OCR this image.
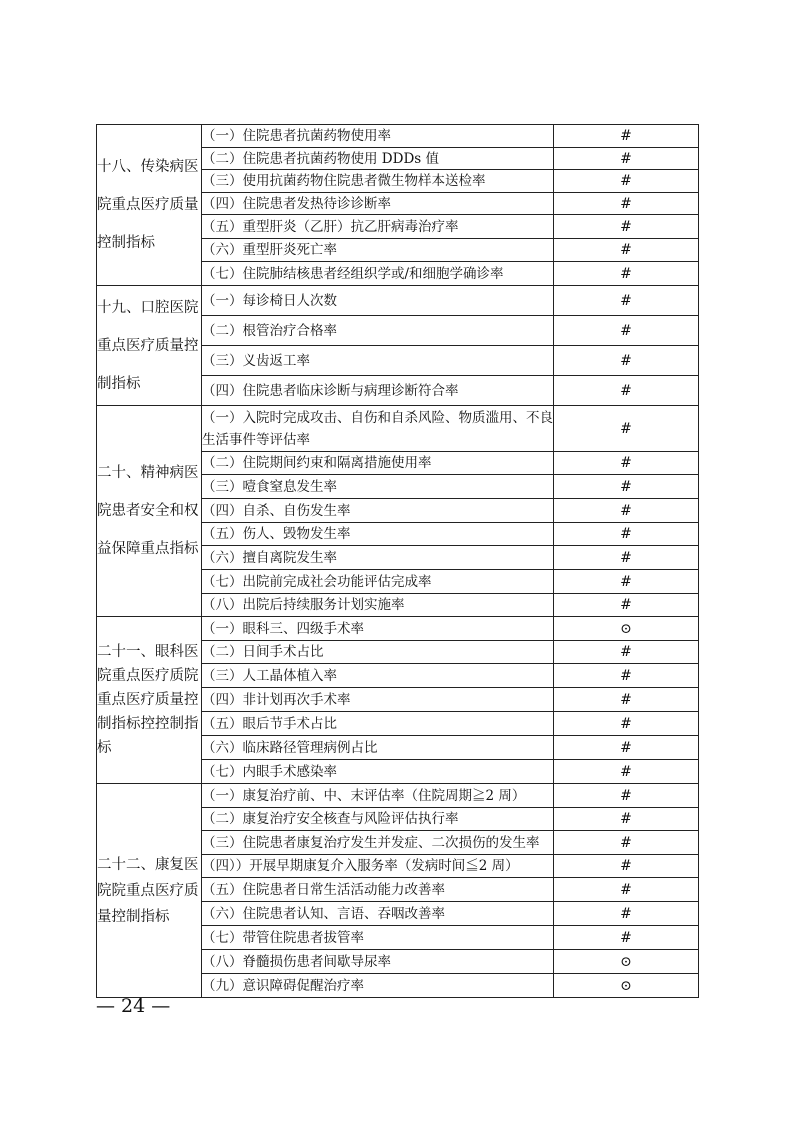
十八、传染病医院重点医疗质量控制指标	（一）住院患者抗菌药物使用率	#
	（二）住院患者抗菌药物使用 DDDs 值	#
	（三）使用抗菌药物住院患者微生物样本送检率	#
	（四）住院患者发热待诊诊断率	#
	（五）重型肝炎（乙肝）抗乙肝病毒治疗率	#
	（六）重型肝炎死亡率	#
	（七）住院肺结核患者经组织学或/和细胞学确诊率	#
十九、口腔医院重点医疗质量控制指标	（一）每诊椅日人次数	#
	（二）根管治疗合格率	#
	（三）义齿返工率	#
	（四）住院患者临床诊断与病理诊断符合率	#
二十、精神病医院患者安全和权益保障重点指标	（一）入院时完成攻击、自伤和自杀风险、物质滥用、不良生活事件等评估率	#
	（二）住院期间约束和隔离措施使用率	#
	（三）噎食窒息发生率	#
	（四）自杀、自伤发生率	#
	（五）伤人、毁物发生率	#
	（六）擅自离院发生率	#
	（七）出院前完成社会功能评估完成率	#
	（八）出院后持续服务计划实施率	#
二十一、眼科医院重点医疗质院重点医疗质量控制指标控控制指标	（一）眼科三、四级手术率	⊙
	（二）日间手术占比	#
	（三）人工晶体植入率	#
	（四）非计划再次手术率	#
	（五）眼后节手术占比	#
	（六）临床路径管理病例占比	#
	（七）内眼手术感染率	#
二十二、康复医院院重点医疗质量控制指标	（一）康复治疗前、中、末评估率（住院周期≧2 周）	#
	（二）康复治疗安全核查与风险评估执行率	#
	（三）住院患者康复治疗发生并发症、二次损伤的发生率	#
	（四））开展早期康复介入服务率（发病时间≦2 周）	#
	（五）住院患者日常生活活动能力改善率	#
	（六）住院患者认知、言语、吞咽改善率	#
	（七）带管住院患者拔管率	#
	（八）脊髓损伤患者间歇导尿率	⊙
	（九）意识障碍促醒治疗率	⊙
— 24 —
